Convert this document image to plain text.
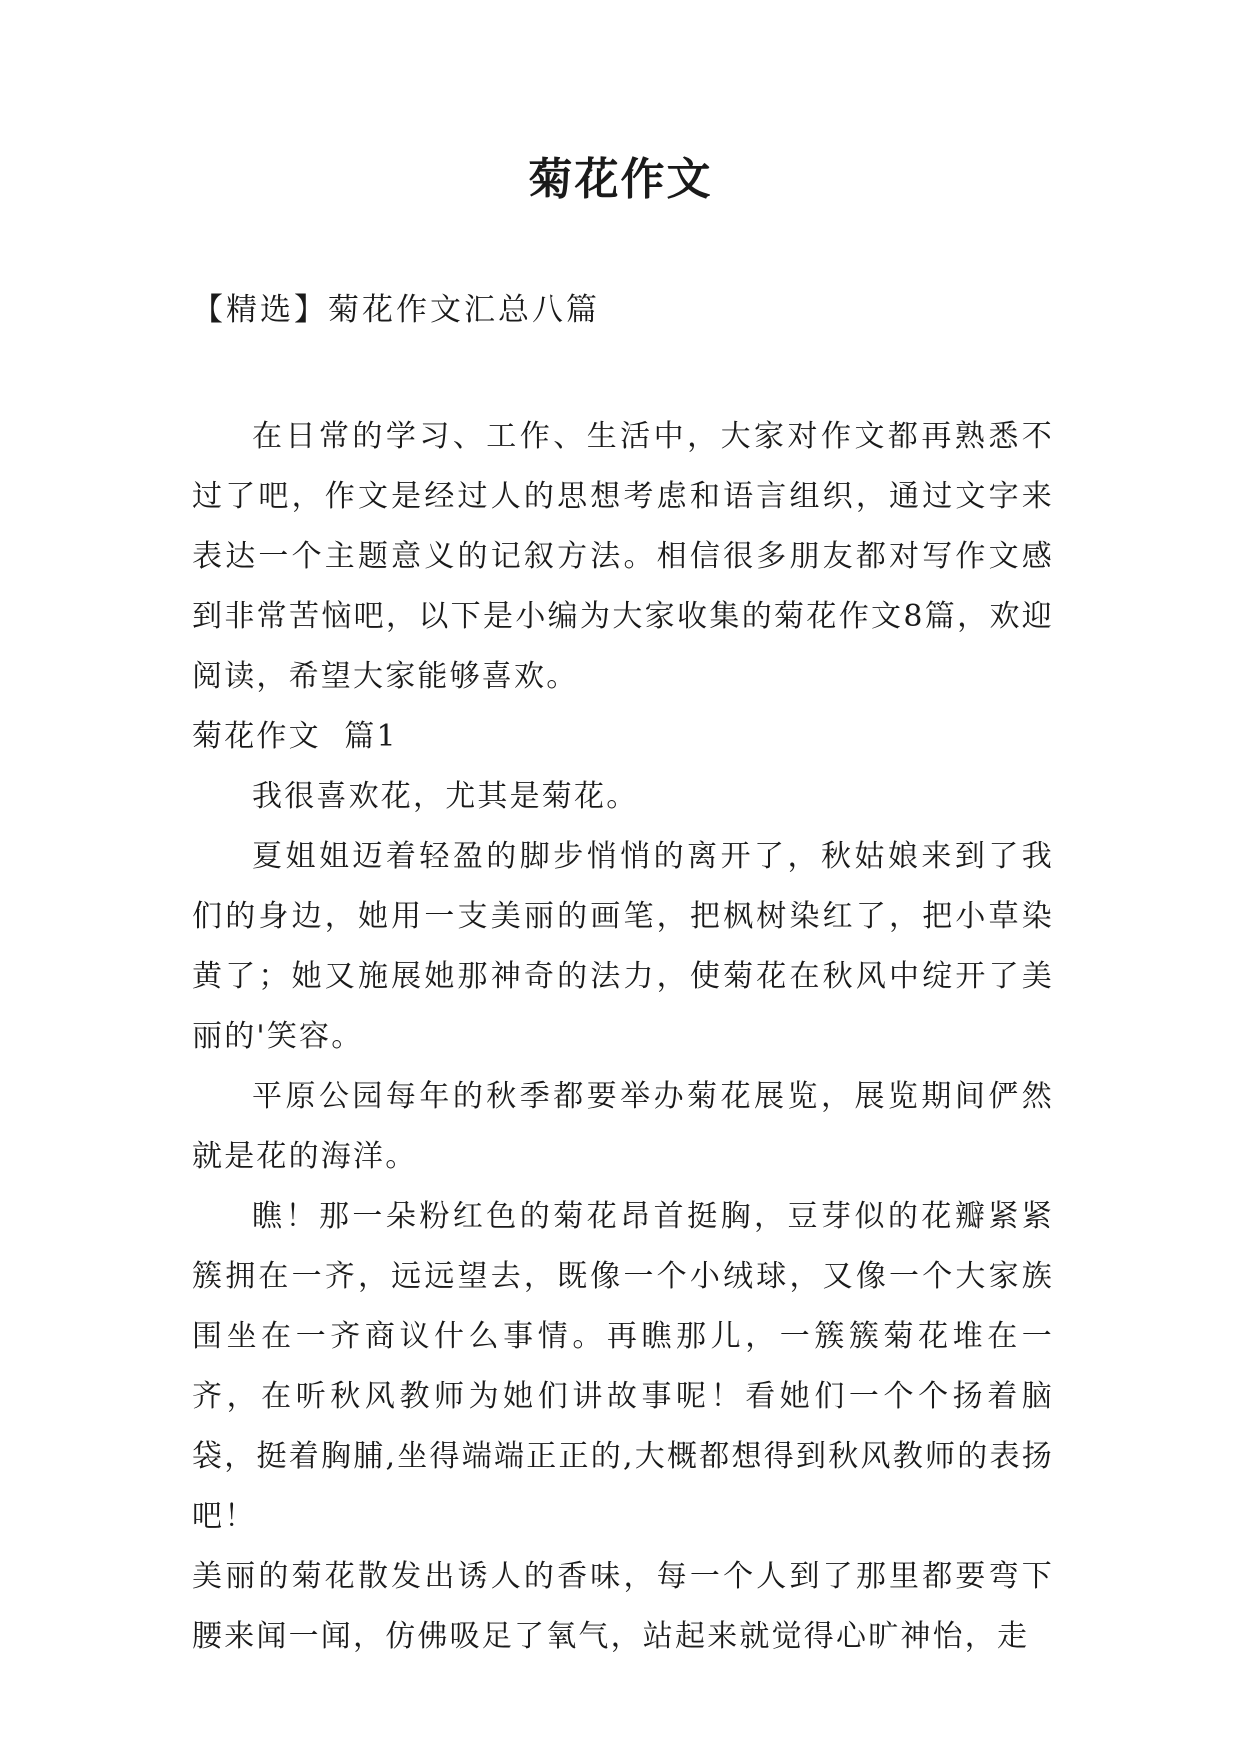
菊花作文
【精选】菊花作文汇总八篇

在日常的学习、工作、生活中，大家对作文都再熟悉不过了吧，作文是经过人的思想考虑和语言组织，通过文字来表达一个主题意义的记叙方法。相信很多朋友都对写作文感到非常苦恼吧，以下是小编为大家收集的菊花作文8篇，欢迎阅读，希望大家能够喜欢。

菊花作文  篇1

我很喜欢花，尤其是菊花。

夏姐姐迈着轻盈的脚步悄悄的离开了，秋姑娘来到了我们的身边，她用一支美丽的画笔，把枫树染红了，把小草染黄了；她又施展她那神奇的法力，使菊花在秋风中绽开了美丽的'笑容。

平原公园每年的秋季都要举办菊花展览，展览期间俨然就是花的海洋。

瞧！那一朵粉红色的菊花昂首挺胸，豆芽似的花瓣紧紧簇拥在一齐，远远望去，既像一个小绒球，又像一个大家族围坐在一齐商议什么事情。再瞧那儿，一簇簇菊花堆在一齐，在听秋风教师为她们讲故事呢！看她们一个个扬着脑袋，挺着胸脯,坐得端端正正的,大概都想得到秋风教师的表扬吧！

美丽的菊花散发出诱人的香味，每一个人到了那里都要弯下腰来闻一闻，仿佛吸足了氧气，站起来就觉得心旷神怡，走
